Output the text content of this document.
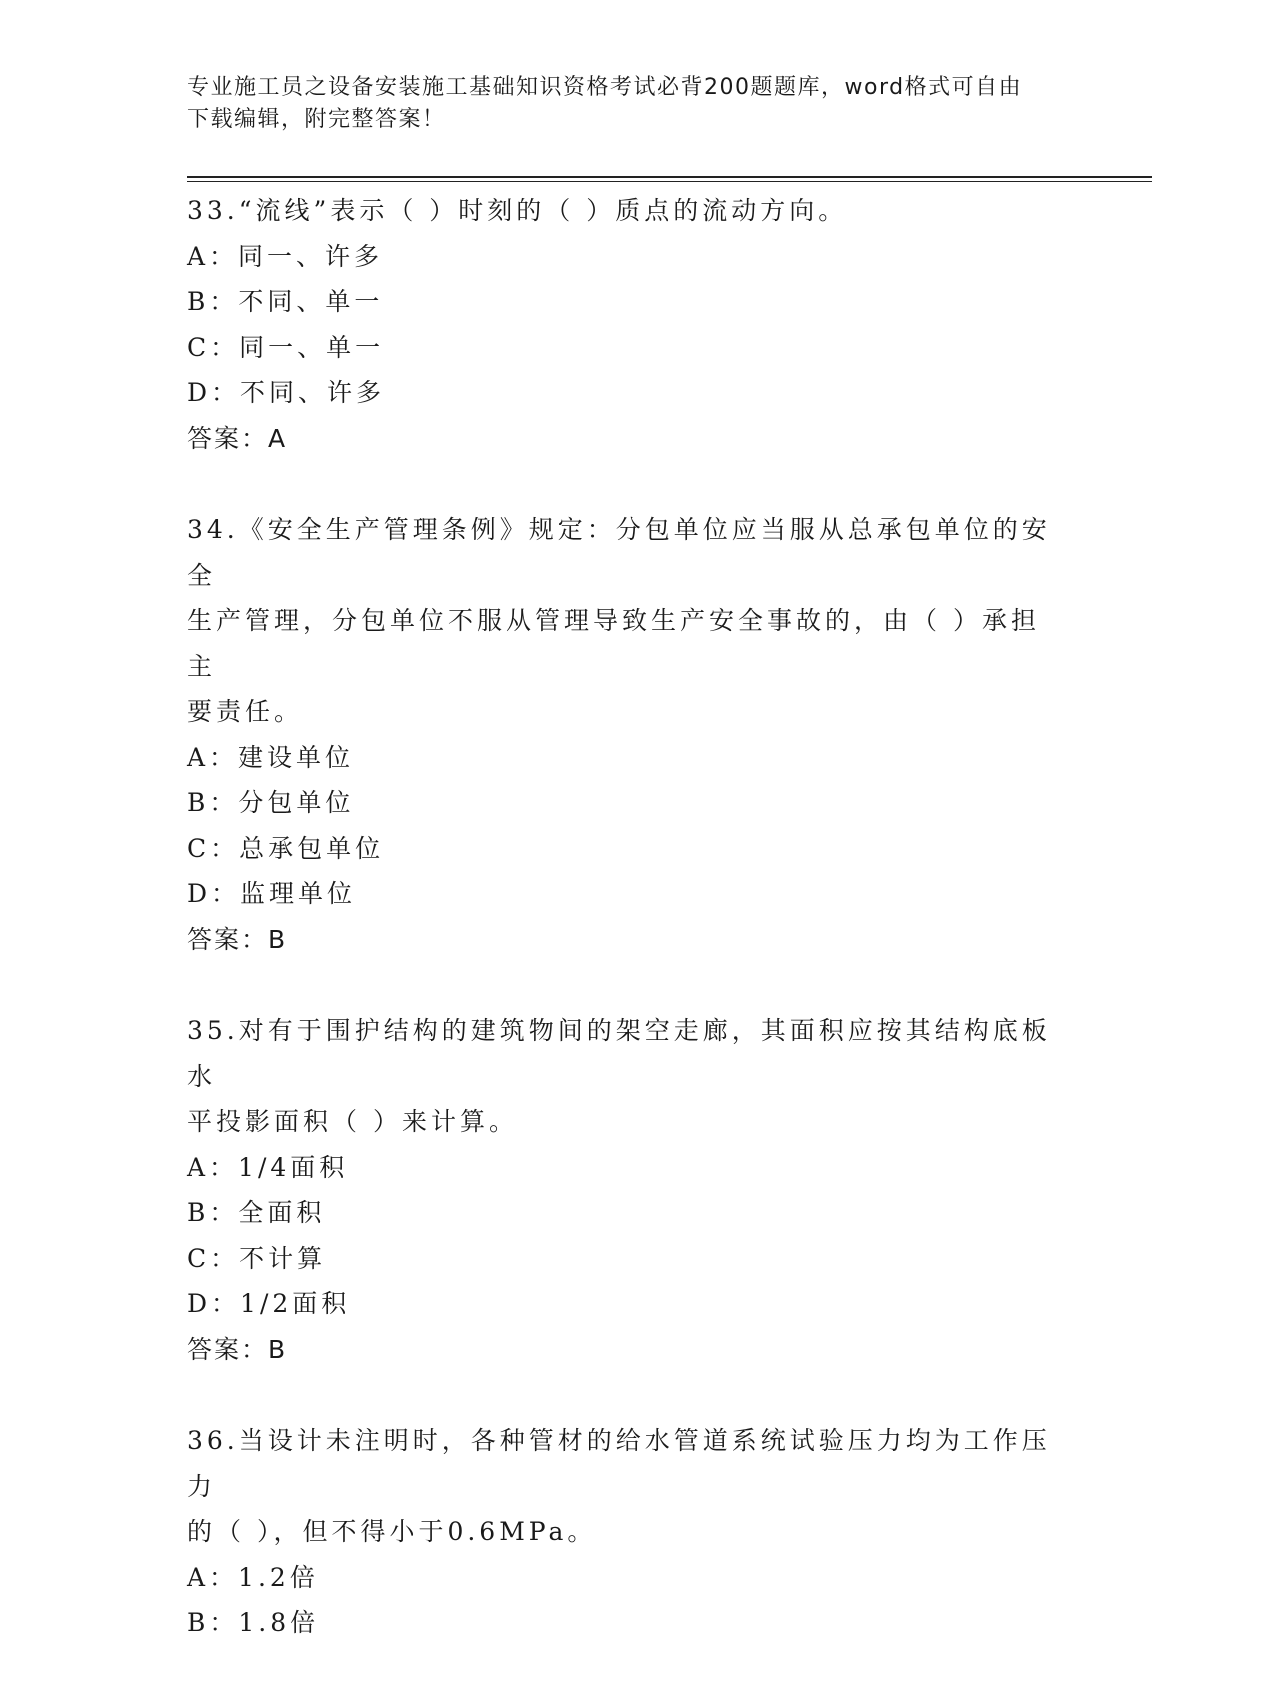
专业施工员之设备安装施工基础知识资格考试必背200题题库，word格式可自由
下载编辑，附完整答案！
33.“流线”表示（ ）时刻的（ ）质点的流动方向。
A：同一、许多
B：不同、单一
C：同一、单一
D：不同、许多
答案：A
34.《安全生产管理条例》规定：分包单位应当服从总承包单位的安全
生产管理，分包单位不服从管理导致生产安全事故的，由（ ）承担主
要责任。
A：建设单位
B：分包单位
C：总承包单位
D：监理单位
答案：B
35.对有于围护结构的建筑物间的架空走廊，其面积应按其结构底板水
平投影面积（ ）来计算。
A：1/4面积
B：全面积
C：不计算
D：1/2面积
答案：B
36.当设计未注明时，各种管材的给水管道系统试验压力均为工作压力
的（ ），但不得小于0.6MPa。
A：1.2倍
B：1.8倍
